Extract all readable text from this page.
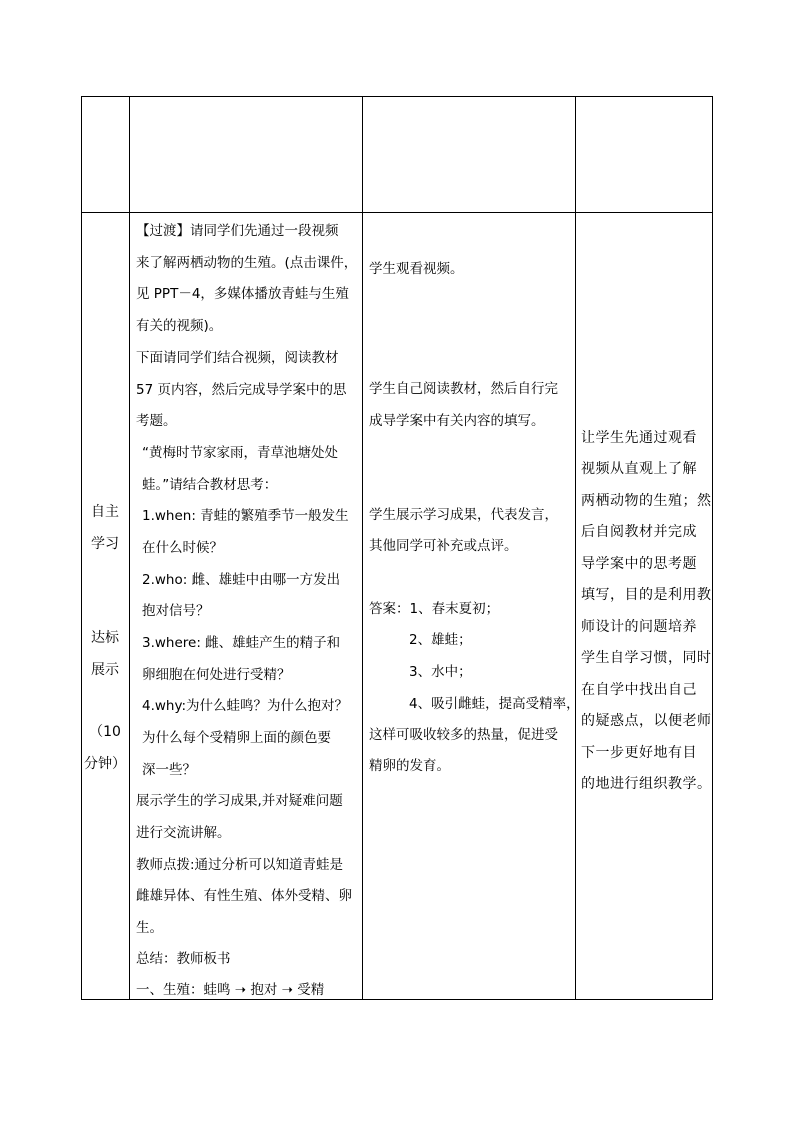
自主
学习
达标
展示
（10
分钟）
【过渡】请同学们先通过一段视频
来了解两栖动物的生殖。(点击课件，
见 PPT－4，多媒体播放青蛙与生殖
有关的视频)。
下面请同学们结合视频，阅读教材
57 页内容，然后完成导学案中的思
考题。
“黄梅时节家家雨，青草池塘处处
蛙。”请结合教材思考：
1.when: 青蛙的繁殖季节一般发生
在什么时候？
2.who: 雌、雄蛙中由哪一方发出
抱对信号？
3.where: 雌、雄蛙产生的精子和
卵细胞在何处进行受精？
4.why:为什么蛙鸣？为什么抱对？
为什么每个受精卵上面的颜色要
深一些？
展示学生的学习成果,并对疑难问题
进行交流讲解。
教师点拨:通过分析可以知道青蛙是
雌雄异体、有性生殖、体外受精、卵
生。
总结：教师板书
一、生殖：蛙鸣 ➝ 抱对 ➝ 受精
学生观看视频。
学生自己阅读教材，然后自行完
成导学案中有关内容的填写。
学生展示学习成果，代表发言，
其他同学可补充或点评。
答案：1、春末夏初；
2、雄蛙；
3、水中；
4、吸引雌蛙，提高受精率，
这样可吸收较多的热量，促进受
精卵的发育。
让学生先通过观看
视频从直观上了解
两栖动物的生殖；然
后自阅教材并完成
导学案中的思考题
填写，目的是利用教
师设计的问题培养
学生自学习惯，同时
在自学中找出自己
的疑惑点，以便老师
下一步更好地有目
的地进行组织教学。
